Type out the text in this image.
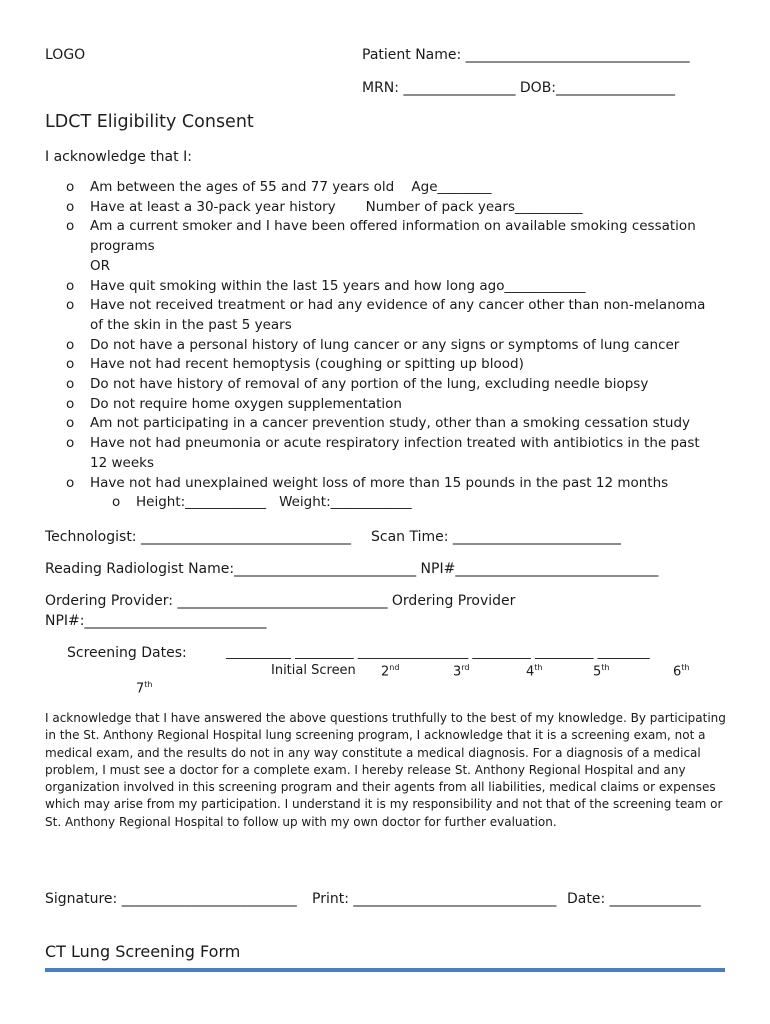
LOGO	Patient Name: ________________________________
MRN: ________________ DOB:_________________
LDCT Eligibility Consent
I acknowledge that I:
o Am between the ages of 55 and 77 years old Age________
o Have at least a 30-pack year history Number of pack years__________
o Am a current smoker and I have been offered information on available smoking cessation
programs
OR
o Have quit smoking within the last 15 years and how long ago____________
o Have not received treatment or had any evidence of any cancer other than non-melanoma
of the skin in the past 5 years
o Do not have a personal history of lung cancer or any signs or symptoms of lung cancer
o Have not had recent hemoptysis (coughing or spitting up blood)
o Do not have history of removal of any portion of the lung, excluding needle biopsy
o Do not require home oxygen supplementation
o Am not participating in a cancer prevention study, other than a smoking cessation study
o Have not had pneumonia or acute respiratory infection treated with antibiotics in the past
12 weeks
o Have not had unexplained weight loss of more than 15 pounds in the past 12 months
o Height:____________ Weight:____________
Technologist: ______________________________ Scan Time: ________________________
Reading Radiologist Name:__________________________ NPI#_____________________________
Ordering Provider: ______________________________ Ordering Provider
NPI#:__________________________
Screening Dates:	__________ _________ _________________ _________ _________ ________
Initial Screen 2nd	3rd	4th	5th	6th
7th

I acknowledge that I have answered the above questions truthfully to the best of my knowledge. By participating in the St. Anthony Regional Hospital lung screening program, I acknowledge that it is a screening exam, not a medical exam, and the results do not in any way constitute a medical diagnosis. For a diagnosis of a medical problem, I must see a doctor for a complete exam. I hereby release St. Anthony Regional Hospital and any organization involved in this screening program and their agents from all liabilities, medical claims or expenses which may arise from my participation. I understand it is my responsibility and not that of the screening team or St. Anthony Regional Hospital to follow up with my own doctor for further evaluation.

Signature: _________________________ Print: _____________________________ Date: _____________
CT Lung Screening Form
